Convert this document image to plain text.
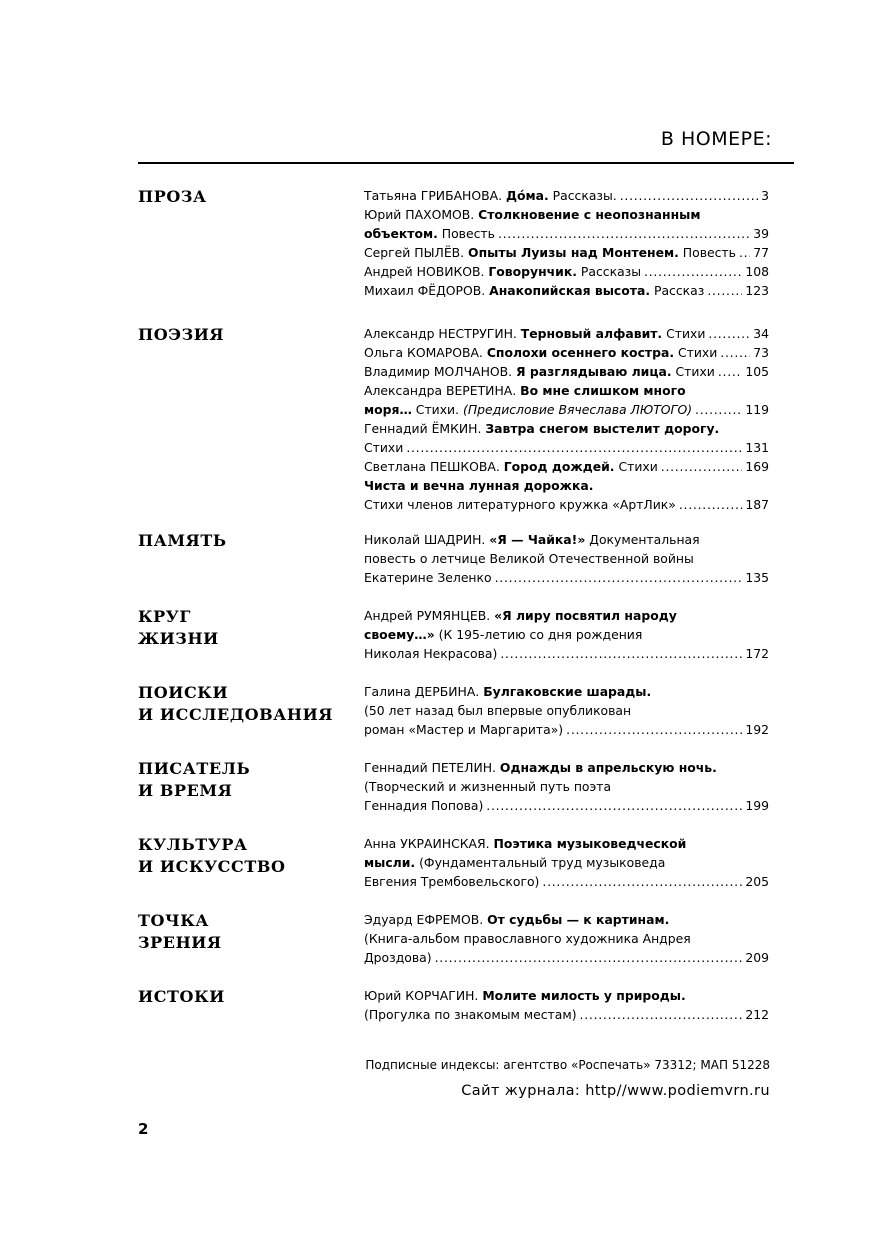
В НОМЕРЕ:
ПРОЗА	Татьяна ГРИБАНОВА. Дóма. Рассказы. . . .	3
Юрий ПАХОМОВ. Столкновение с неопознанным
объектом. Повесть . . .	39
Сергей ПЫЛЁВ. Опыты Луизы над Монтенем. Повесть . . . 77
Андрей НОВИКОВ. Говорунчик. Рассказы . . .	108
Михаил ФЁДОРОВ. Анакопийская высота. Рассказ . . .	123
ПОЭЗИЯ	Александр НЕСТРУГИН. Терновый алфавит. Стихи . . .	34
Ольга КОМАРОВА. Сполохи осеннего костра. Стихи . . .	73
Владимир МОЛЧАНОВ. Я разглядываю лица. Стихи . . . 105
Александра ВЕРЕТИНА. Во мне слишком много
моря… Стихи. (Предисловие Вячеслава ЛЮТОГО) . . .	119
Геннадий ЁМКИН. Завтра снегом выстелит дорогу.
Стихи . . .	131
Светлана ПЕШКОВА. Город дождей. Стихи . . .	169
Чиста и вечна лунная дорожка.
Стихи членов литературного кружка «АртЛик» . . .	187
ПАМЯТЬ	Николай ШАДРИН. «Я — Чайка!» Документальная
повесть о летчице Великой Отечественной войны
Екатерине Зеленко . . .	135
КРУГ
ЖИЗНИ
Андрей РУМЯНЦЕВ. «Я лиру посвятил народу
своему…» (К 195-летию со дня рождения
Николая Некрасова) . . .	172
ПОИСКИ
И ИССЛЕДОВАНИЯ
Галина ДЕРБИНА. Булгаковские шарады.
(50 лет назад был впервые опубликован
роман «Мастер и Маргарита») . . .	192
ПИСАТЕЛЬ
И ВРЕМЯ
Геннадий ПЕТЕЛИН. Однажды в апрельскую ночь.
(Творческий и жизненный путь поэта
Геннадия Попова) . . .	199
КУЛЬТУРА
И ИСКУССТВО
Анна УКРАИНСКАЯ. Поэтика музыковедческой
мысли. (Фундаментальный труд музыковеда
Евгения Трембовельского) . . .	205
ТОЧКА
ЗРЕНИЯ
Эдуард ЕФРЕМОВ. От судьбы — к картинам.
(Книга-альбом православного художника Андрея
Дроздова) . . .	209
ИСТОКИ	Юрий КОРЧАГИН. Молите милость у природы.
(Прогулка по знакомым местам) . . .	212
Подписные индексы: агентство «Роспечать» 73312; МАП 51228
Сайт журнала: http//www.podiemvrn.ru
2
